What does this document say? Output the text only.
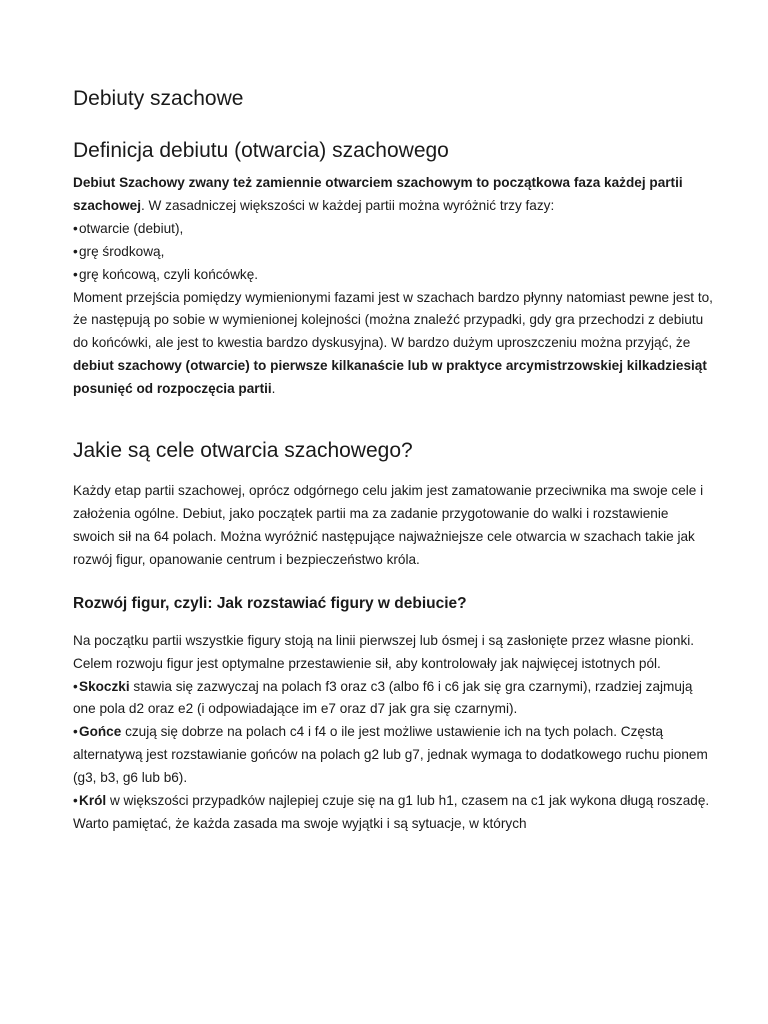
Debiuty szachowe
Definicja debiutu (otwarcia) szachowego

Debiut Szachowy zwany też zamiennie otwarciem szachowym to początkowa faza każdej partii szachowej. W zasadniczej większości w każdej partii można wyróżnić trzy fazy:

•otwarcie (debiut),

•grę środkową,

•grę końcową, czyli końcówkę.

Moment przejścia pomiędzy wymienionymi fazami jest w szachach bardzo płynny natomiast pewne jest to, że następują po sobie w wymienionej kolejności (można znaleźć przypadki, gdy gra przechodzi z debiutu do końcówki, ale jest to kwestia bardzo dyskusyjna). W bardzo dużym uproszczeniu można przyjąć, że debiut szachowy (otwarcie) to pierwsze kilkanaście lub w praktyce arcymistrzowskiej kilkadziesiąt posunięć od rozpoczęcia partii.

Jakie są cele otwarcia szachowego?

Każdy etap partii szachowej, oprócz odgórnego celu jakim jest zamatowanie przeciwnika ma swoje cele i założenia ogólne. Debiut, jako początek partii ma za zadanie przygotowanie do walki i rozstawienie swoich sił na 64 polach. Można wyróżnić następujące najważniejsze cele otwarcia w szachach takie jak rozwój figur, opanowanie centrum i bezpieczeństwo króla.

Rozwój figur, czyli: Jak rozstawiać figury w debiucie?

Na początku partii wszystkie figury stoją na linii pierwszej lub ósmej i są zasłonięte przez własne pionki. Celem rozwoju figur jest optymalne przestawienie sił, aby kontrolowały jak najwięcej istotnych pól.

•Skoczki stawia się zazwyczaj na polach f3 oraz c3 (albo f6 i c6 jak się gra czarnymi), rzadziej zajmują one pola d2 oraz e2 (i odpowiadające im e7 oraz d7 jak gra się czarnymi).

•Gońce czują się dobrze na polach c4 i f4 o ile jest możliwe ustawienie ich na tych polach. Częstą alternatywą jest rozstawianie gońców na polach g2 lub g7, jednak wymaga to dodatkowego ruchu pionem (g3, b3, g6 lub b6).

•Król w większości przypadków najlepiej czuje się na g1 lub h1, czasem na c1 jak wykona długą roszadę. Warto pamiętać, że każda zasada ma swoje wyjątki i są sytuacje, w których
